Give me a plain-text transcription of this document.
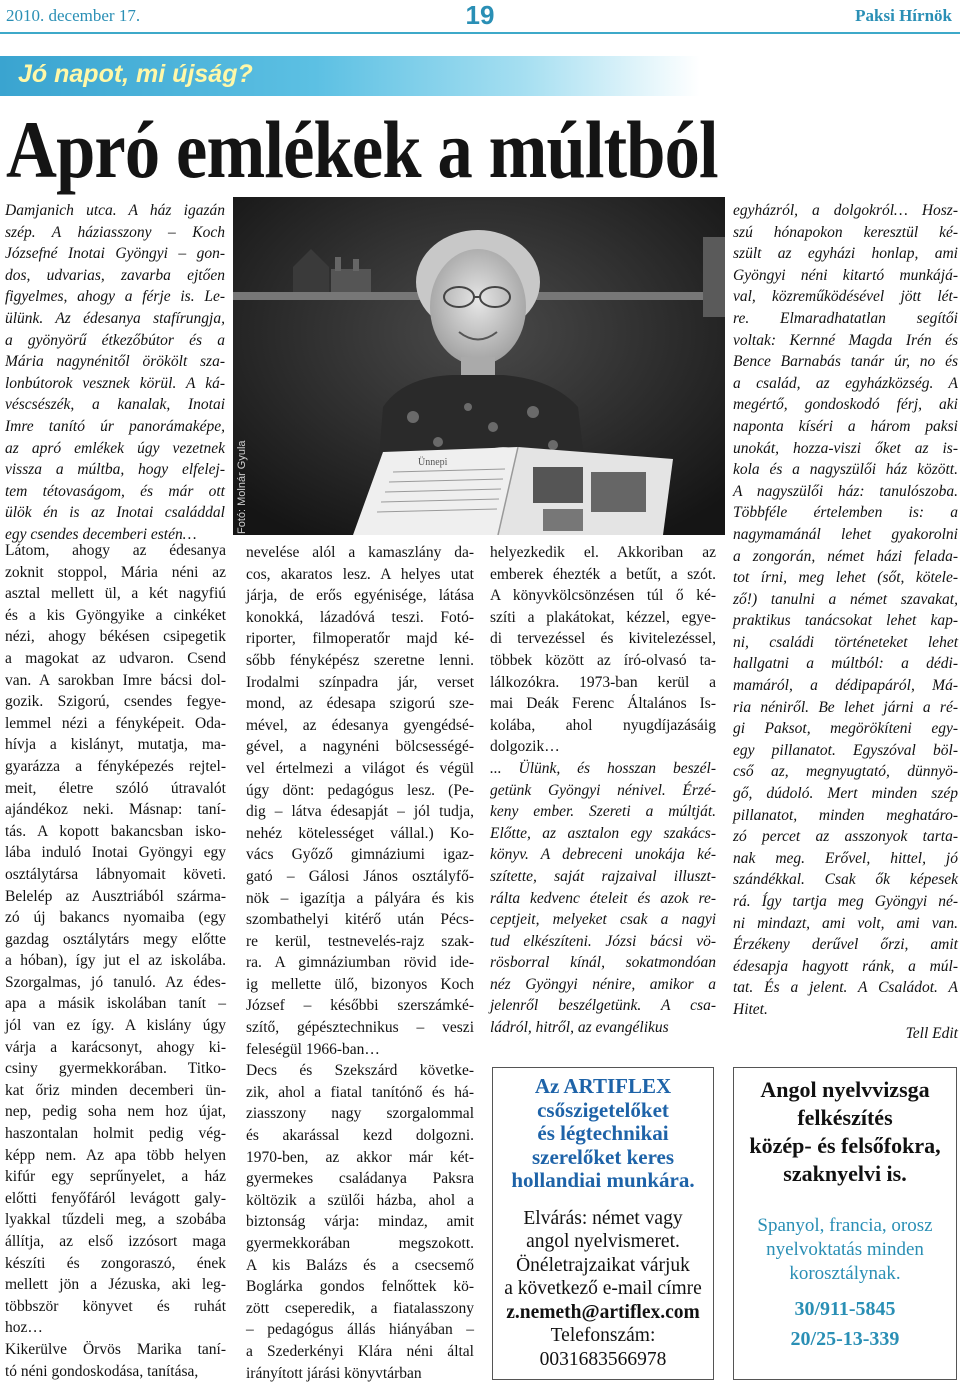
2010. december 17.	19	Paksi Hírnök
Jó napot, mi újság?
Apró emlékek a múltból
Damjanich utca. A ház igazán
szép. A háziasszony – Koch
Józsefné Inotai Gyöngyi – gon-
dos, udvarias, zavarba ejtően
figyelmes, ahogy a férje is. Le-
ülünk. Az édesanya stafírungja,
a gyönyörű étkezőbútor és a
Mária nagynénitől örökölt sza-
lonbútorok vesznek körül. A ká-
véscsészék, a kanalak, Inotai
Imre tanító úr panorámaképe,
az apró emlékek úgy vezetnek
vissza a múltba, hogy elfelej-
tem tétovaságom, és már ott
ülök én is az Inotai családdal
egy csendes decemberi estén…
Ünnepi
Fotó: Molnár Gyula
Látom, ahogy az édesanya
zoknit stoppol, Mária néni az
asztal mellett ül, a két nagyfiú
és a kis Gyöngyike a cinkéket
nézi, ahogy békésen csipegetik
a magokat az udvaron. Csend
van. A sarokban Imre bácsi dol-
gozik. Szigorú, csendes fegye-
lemmel nézi a fényképeit. Oda-
hívja a kislányt, mutatja, ma-
gyarázza a fényképezés rejtel-
meit, életre szóló útravalót
ajándékoz neki. Másnap: taní-
tás. A kopott bakancsban isko-
lába induló Inotai Gyöngyi egy
osztálytársa lábnyomait követi.
Belelép az Ausztriából szárma-
zó új bakancs nyomaiba (egy
gazdag osztálytárs megy előtte
a hóban), így jut el az iskolába.
Szorgalmas, jó tanuló. Az édes-
apa a másik iskolában tanít –
jól van ez így. A kislány úgy
várja a karácsonyt, ahogy ki-
csiny gyermekkorában. Titko-
kat őriz minden decemberi ün-
nep, pedig soha nem hoz újat,
haszontalan holmit pedig vég-
képp nem. Az apa több helyen
kifúr egy seprűnyelet, a ház
előtti fenyőfáról levágott galy-
lyakkal tűzdeli meg, a szobába
állítja, az első izzósort maga
készíti és zongoraszó, ének
mellett jön a Jézuska, aki leg-
többször könyvet és ruhát
hoz…
Kikerülve Örvös Marika taní-
tó néni gondoskodása, tanítása,
nevelése alól a kamaszlány da-
cos, akaratos lesz. A helyes utat
járja, de erős egyénisége, látása
konokká, lázadóvá teszi. Fotó-
riporter, filmoperatőr majd ké-
sőbb fényképész szeretne lenni.
Irodalmi színpadra jár, verset
mond, az édesapa szigorú sze-
mével, az édesanya gyengédsé-
gével, a nagynéni bölcsességé-
vel értelmezi a világot és végül
úgy dönt: pedagógus lesz. (Pe-
dig – látva édesapját – jól tudja,
nehéz kötelességet vállal.) Ko-
vács Győző gimnáziumi igaz-
gató – Gálosi János osztályfő-
nök – igazítja a pályára és kis
szombathelyi kitérő után Pécs-
re kerül, testnevelés-rajz szak-
ra. A gimnáziumban rövid ide-
ig mellette ülő, bizonyos Koch
József – későbbi szerszámké-
szítő, gépésztechnikus – veszi
feleségül 1966-ban…
Decs és Szekszárd követke-
zik, ahol a fiatal tanítónő és há-
ziasszony nagy szorgalommal
és akarással kezd dolgozni.
1970-ben, az akkor már két-
gyermekes családanya Paksra
költözik a szülői házba, ahol a
biztonság várja: mindaz, amit
gyermekkorában megszokott.
A kis Balázs és a csecsemő
Boglárka gondos felnőttek kö-
zött cseperedik, a fiatalasszony
– pedagógus állás hiányában –
a Szederkényi Klára néni által
irányított járási könyvtárban
helyezkedik el. Akkoriban az
emberek éhezték a betűt, a szót.
A könyvkölcsönzésen túl ő ké-
szíti a plakátokat, kézzel, egye-
di tervezéssel és kivitelezéssel,
többek között az író-olvasó ta-
lálkozókra. 1973-ban kerül a
mai Deák Ferenc Általános Is-
kolába, ahol nyugdíjazásáig
dolgozik…
... Ülünk, és hosszan beszél-
getünk Gyöngyi nénivel. Érzé-
keny ember. Szereti a múltját.
Előtte, az asztalon egy szakács-
könyv. A debreceni unokája ké-
szítette, saját rajzaival illuszt-
rálta kedvenc ételeit és azok re-
ceptjeit, melyeket csak a nagyi
tud elkészíteni. Józsi bácsi vö-
rösborral kínál, sokatmondóan
néz Gyöngyi nénire, amikor a
jelenről beszélgetünk. A csa-
ládról, hitről, az evangélikus
egyházról, a dolgokról… Hosz-
szú hónapokon keresztül ké-
szült az egyházi honlap, ami
Gyöngyi néni kitartó munkájá-
val, közreműködésével jött lét-
re. Elmaradhatatlan segítői
voltak: Kernné Magda Irén és
Bence Barnabás tanár úr, no és
a család, az egyházközség. A
megértő, gondoskodó férj, aki
naponta kíséri a három paksi
unokát, hozza-viszi őket az is-
kola és a nagyszülői ház között.
A nagyszülői ház: tanulószoba.
Többféle értelemben is: a
nagymamánál lehet gyakorolni
a zongorán, német házi felada-
tot írni, meg lehet (sőt, kötele-
ző!) tanulni a német szavakat,
praktikus tanácsokat lehet kap-
ni, családi történeteket lehet
hallgatni a múltból: a dédi-
mamáról, a dédipapáról, Má-
ria néniről. Be lehet járni a ré-
gi Paksot, megörökíteni egy-
egy pillanatot. Egyszóval böl-
cső az, megnyugtató, dünnyö-
gő, dúdoló. Mert minden szép
pillanatot, minden meghatáro-
zó percet az asszonyok tarta-
nak meg. Erővel, hittel, jó
szándékkal. Csak ők képesek
rá. Így tartja meg Gyöngyi né-
ni mindazt, ami volt, ami van.
Érzékeny derűvel őrzi, amit
édesapja hagyott ránk, a múl-
tat. És a jelent. A Családot. A
Hitet.
Tell Edit
Az ARTIFLEX
csőszigetelőket
és légtechnikai
szerelőket keres
hollandiai munkára.
Elvárás: német vagy
angol nyelvismeret.
Önéletrajzaikat várjuk
a következő e-mail címre
z.nemeth@artiflex.com
Telefonszám:
0031683566978
Angol nyelvvizsga
felkészítés
közép- és felsőfokra,
szaknyelvi is.
Spanyol, francia, orosz
nyelvoktatás minden
korosztálynak.
30/911-5845
20/25-13-339
